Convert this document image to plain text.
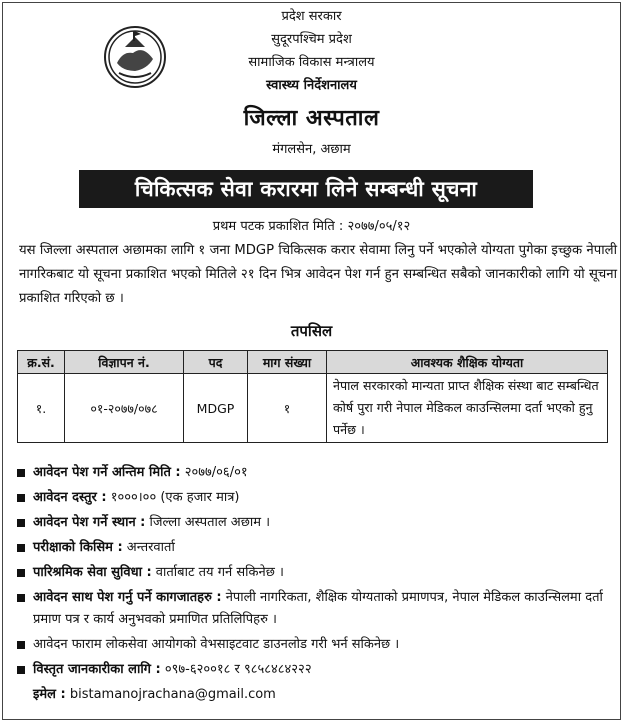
प्रदेश सरकार
सुदूरपश्चिम प्रदेश
सामाजिक विकास मन्त्रालय
स्वास्थ्य निर्देशनालय
जिल्ला अस्पताल
मंगलसेन, अछाम
चिकित्सक सेवा करारमा लिने सम्बन्धी सूचना
प्रथम पटक प्रकाशित मिति : २०७७/०५/१२
यस जिल्ला अस्पताल अछामका लागि १ जना MDGP चिकित्सक करार सेवामा लिनु पर्ने भएकोले योग्यता पुगेका इच्छुक नेपाली नागरिकबाट यो सूचना प्रकाशित भएको मितिले २१ दिन भित्र आवेदन पेश गर्न हुन सम्बन्धित सबैको जानकारीको लागि यो सूचना प्रकाशित गरिएको छ ।
तपसिल
क्र.सं.	विज्ञापन नं.	पद	माग संख्या	आवश्यक शैक्षिक योग्यता
१.	०१-२०७७/०७८	MDGP	१	नेपाल सरकारको मान्यता प्राप्त शैक्षिक संस्था बाट सम्बन्धित कोर्ष पुरा गरी नेपाल मेडिकल काउन्सिलमा दर्ता भएको हुनु पर्नेछ ।
आवेदन पेश गर्ने अन्तिम मिति : २०७७/०६/०१
आवेदन दस्तुर : १०००।०० (एक हजार मात्र)
आवेदन पेश गर्ने स्थान : जिल्ला अस्पताल अछाम ।
परीक्षाको किसिम : अन्तरवार्ता
पारिश्रमिक सेवा सुविधा : वार्ताबाट तय गर्न सकिनेछ ।
आवेदन साथ पेश गर्नु पर्ने कागजातहरु : नेपाली नागरिकता, शैक्षिक योग्यताको प्रमाणपत्र, नेपाल मेडिकल काउन्सिलमा दर्ता प्रमाण पत्र र कार्य अनुभवको प्रमाणित प्रतिलिपिहरु ।
आवेदन फाराम लोकसेवा आयोगको वेभसाइटवाट डाउनलोड गरी भर्न सकिनेछ ।
विस्तृत जानकारीका लागि : ०९७-६२००१८ र ९८५८४८४२२२
इमेल : bistamanojrachana@gmail.com
